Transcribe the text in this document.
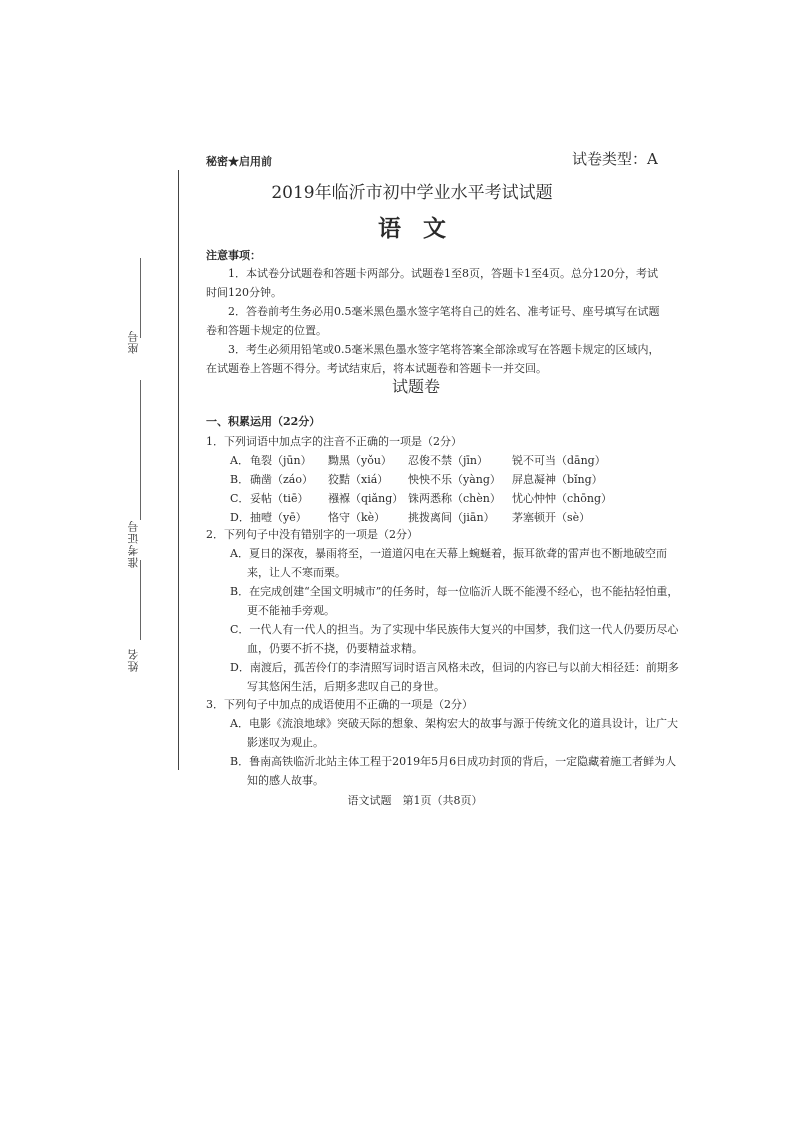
座号
准考证号
姓名
秘密★启用前	试卷类型：A
2019年临沂市初中学业水平考试试题
语文
注意事项：
1．本试卷分试题卷和答题卡两部分。试题卷1至8页，答题卡1至4页。总分120分，考试时间120分钟。
2．答卷前考生务必用0.5毫米黑色墨水签字笔将自己的姓名、准考证号、座号填写在试题卷和答题卡规定的位置。
3．考生必须用铅笔或0.5毫米黑色墨水签字笔将答案全部涂或写在答题卡规定的区域内，在试题卷上答题不得分。考试结束后，将本试题卷和答题卡一并交回。
试题卷
一、积累运用（22分）
1．下列词语中加点字的注音不正确的一项是（2分）
A． 龟裂（jūn） 黝黑（yǒu） 忍俊不禁（jīn） 锐不可当（dāng）
B． 确凿（záo） 狡黠（xiá） 怏怏不乐（yàng） 屏息凝神（bǐng）
C． 妥帖（tiē） 襁褓（qiǎng） 铢两悉称（chèn） 忧心忡忡（chōng）
D． 抽噎（yē） 恪守（kè） 挑拨离间（jiān） 茅塞顿开（sè）
2．下列句子中没有错别字的一项是（2分）
A．夏日的深夜，暴雨将至，一道道闪电在天幕上蜿蜒着，振耳欲聋的雷声也不断地破空而来，让人不寒而栗。
B．在完成创建“全国文明城市”的任务时，每一位临沂人既不能漫不经心，也不能拈轻怕重，更不能袖手旁观。
C．一代人有一代人的担当。为了实现中华民族伟大复兴的中国梦，我们这一代人仍要历尽心血，仍要不折不挠，仍要精益求精。
D．南渡后，孤苦伶仃的李清照写词时语言风格未改，但词的内容已与以前大相径廷：前期多写其悠闲生活，后期多悲叹自己的身世。
3．下列句子中加点的成语使用不正确的一项是（2分）
A．电影《流浪地球》突破天际的想象、架构宏大的故事与源于传统文化的道具设计，让广大影迷叹为观止。
B．鲁南高铁临沂北站主体工程于2019年5月6日成功封顶的背后，一定隐藏着施工者鲜为人知的感人故事。
语文试题　第1页（共8页）
